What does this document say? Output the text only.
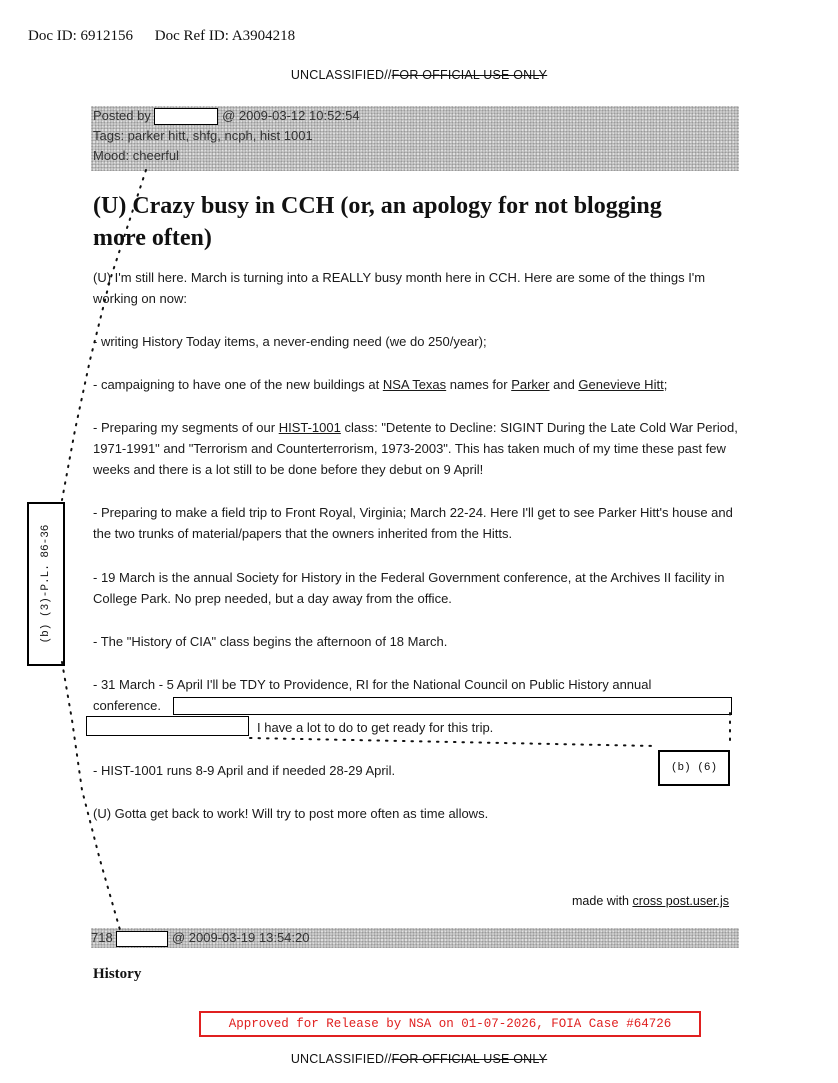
Doc ID: 6912156 Doc Ref ID: A3904218
UNCLASSIFIED//FOR OFFICIAL USE ONLY
Posted by	@ 2009-03-12 10:52:54
Tags: parker hitt, shfg, ncph, hist 1001
Mood: cheerful
(U) Crazy busy in CCH (or, an apology for not blogging more often)
(U) I'm still here. March is turning into a REALLY busy month here in CCH. Here are some of the things I'm working on now:
- writing History Today items, a never-ending need (we do 250/year);
- campaigning to have one of the new buildings at NSA Texas names for Parker and Genevieve Hitt;
- Preparing my segments of our HIST-1001 class: "Detente to Decline: SIGINT During the Late Cold War Period, 1971-1991" and "Terrorism and Counterterrorism, 1973-2003". This has taken much of my time these past few weeks and there is a lot still to be done before they debut on 9 April!
- Preparing to make a field trip to Front Royal, Virginia; March 22-24. Here I'll get to see Parker Hitt's house and the two trunks of material/papers that the owners inherited from the Hitts.
- 19 March is the annual Society for History in the Federal Government conference, at the Archives II facility in College Park. No prep needed, but a day away from the office.
- The "History of CIA" class begins the afternoon of 18 March.
- 31 March - 5 April I'll be TDY to Providence, RI for the National Council on Public History annual
conference.
I have a lot to do to get ready for this trip.
- HIST-1001 runs 8-9 April and if needed 28-29 April.
(U) Gotta get back to work! Will try to post more often as time allows.
made with cross post.user.js
(b) (3)-P.L. 86-36
(b) (6)
718	@ 2009-03-19 13:54:20
History
Approved for Release by NSA on 01-07-2026, FOIA Case #64726
UNCLASSIFIED//FOR OFFICIAL USE ONLY
